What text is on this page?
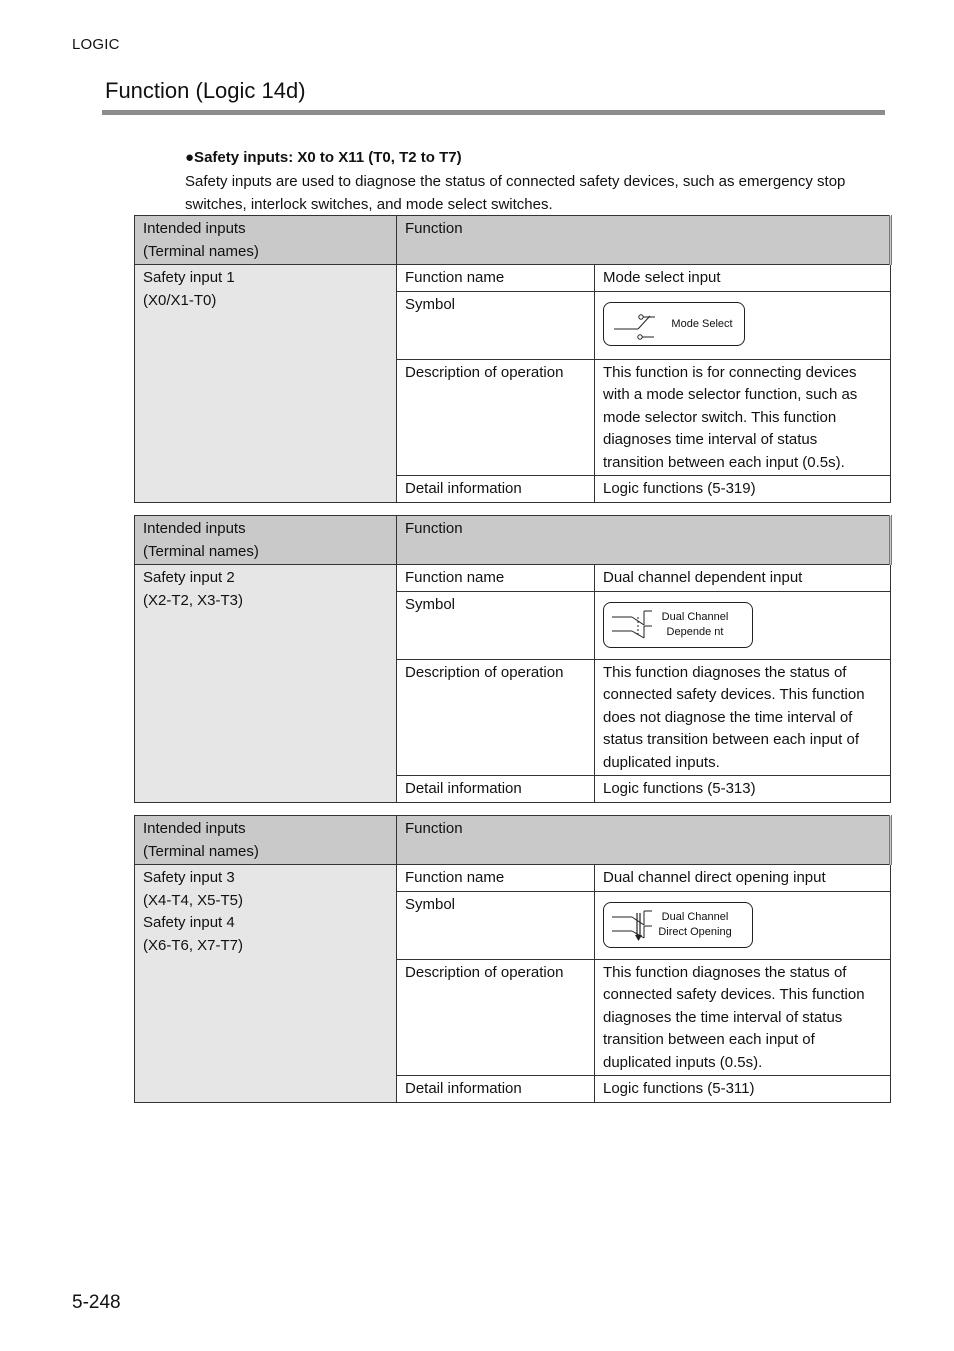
LOGIC
Function (Logic 14d)
●Safety inputs: X0 to X11 (T0, T2 to T7)
Safety inputs are used to diagnose the status of connected safety devices, such as emergency stop
switches, interlock switches, and mode select switches.
Intended inputs
(Terminal names)	Function	

Safety input 1
(X0/X1-T0)	Function name	Mode select input
	Symbol	Mode Select

	Description of operation	This function is for connecting devices
with a mode selector function, such as
mode selector switch. This function
diagnoses time interval of status
transition between each input (0.5s).

	Detail information	Logic functions (5-319)
Intended inputs
(Terminal names)	Function	

Safety input 2
(X2-T2, X3-T3)	Function name	Dual channel dependent input
	Symbol	Dual Channel
Depende nt

	Description of operation	This function diagnoses the status of
connected safety devices. This function
does not diagnose the time interval of
status transition between each input of
duplicated inputs.

	Detail information	Logic functions (5-313)
Intended inputs
(Terminal names)	Function	

Safety input 3
(X4-T4, X5-T5)
Safety input 4
(X6-T6, X7-T7)	Function name	Dual channel direct opening input
	Symbol	Dual Channel
Direct Opening

	Description of operation	This function diagnoses the status of
connected safety devices. This function
diagnoses the time interval of status
transition between each input of
duplicated inputs (0.5s).

	Detail information	Logic functions (5-311)
5-248
